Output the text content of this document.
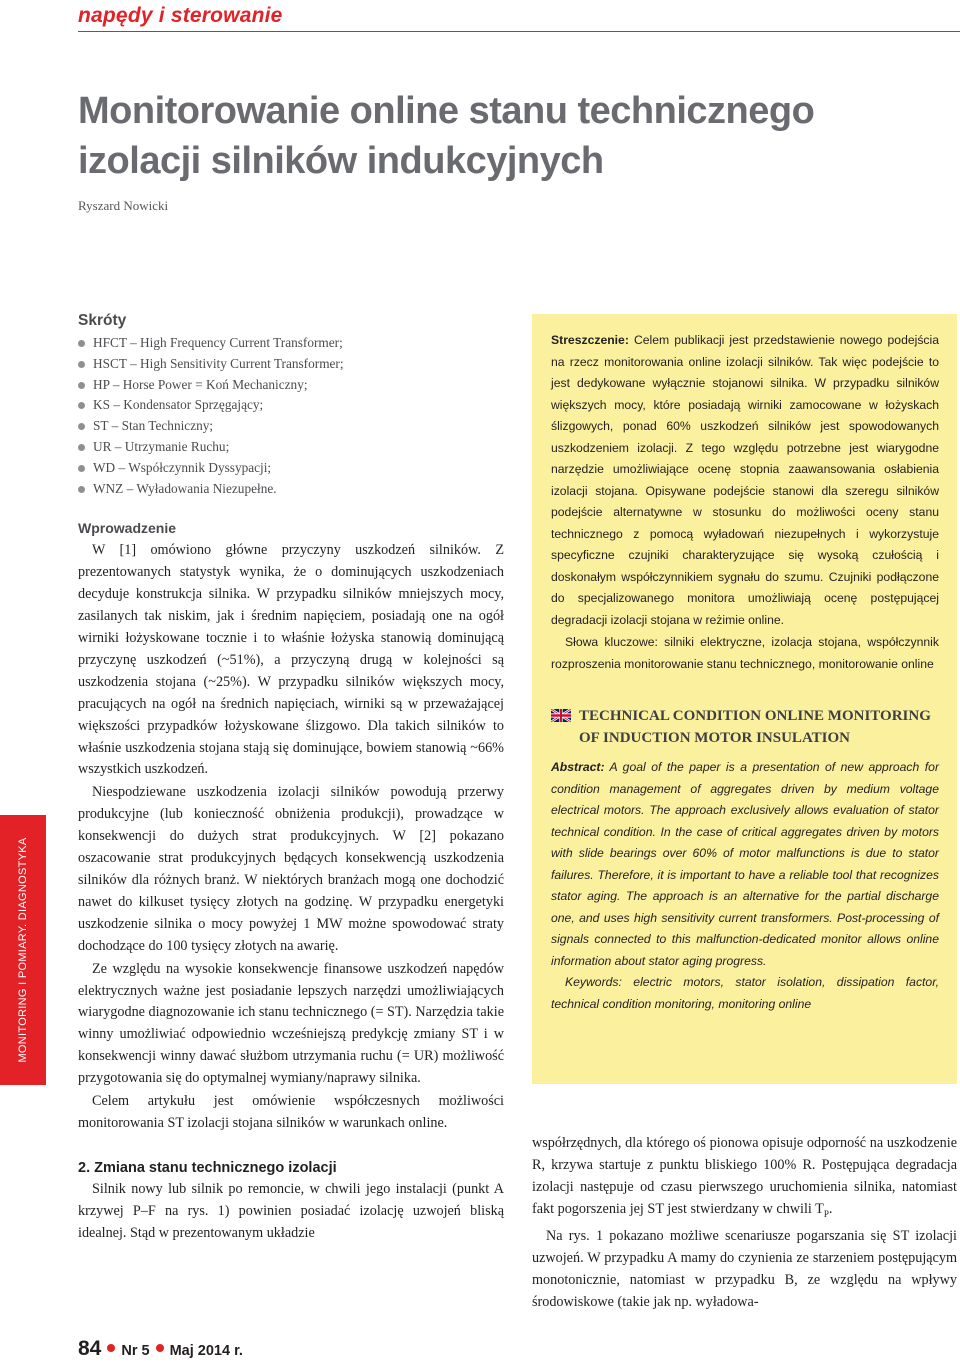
napędy i sterowanie
Monitorowanie online stanu technicznego izolacji silników indukcyjnych
Ryszard Nowicki
MONITORING I POMIARY. DIAGNOSTYKA
Skróty
HFCT – High Frequency Current Transformer;
HSCT – High Sensitivity Current Transformer;
HP – Horse Power = Koń Mechaniczny;
KS – Kondensator Sprzęgający;
ST – Stan Techniczny;
UR – Utrzymanie Ruchu;
WD – Współczynnik Dyssypacji;
WNZ – Wyładowania Niezupełne.
Wprowadzenie

W [1] omówiono główne przyczyny uszkodzeń silników. Z prezentowanych statystyk wynika, że o dominujących uszkodzeniach decyduje konstrukcja silnika. W przypadku silników mniejszych mocy, zasilanych tak niskim, jak i średnim napięciem, posiadają one na ogół wirniki łożyskowane tocznie i to właśnie łożyska stanowią dominującą przyczynę uszkodzeń (~51%), a przyczyną drugą w kolejności są uszkodzenia stojana (~25%). W przypadku silników większych mocy, pracujących na ogół na średnich napięciach, wirniki są w przeważającej większości przypadków łożyskowane ślizgowo. Dla takich silników to właśnie uszkodzenia stojana stają się dominujące, bowiem stanowią ~66% wszystkich uszkodzeń.

Niespodziewane uszkodzenia izolacji silników powodują przerwy produkcyjne (lub konieczność obniżenia produkcji), prowadzące w konsekwencji do dużych strat produkcyjnych. W [2] pokazano oszacowanie strat produkcyjnych będących konsekwencją uszkodzenia silników dla różnych branż. W niektórych branżach mogą one dochodzić nawet do kilkuset tysięcy złotych na godzinę. W przypadku energetyki uszkodzenie silnika o mocy powyżej 1 MW możne spowodować straty dochodzące do 100 tysięcy złotych na awarię.

Ze względu na wysokie konsekwencje finansowe uszkodzeń napędów elektrycznych ważne jest posiadanie lepszych narzędzi umożliwiających wiarygodne diagnozowanie ich stanu technicznego (= ST). Narzędzia takie winny umożliwiać odpowiednio wcześniejszą predykcję zmiany ST i w konsekwencji winny dawać służbom utrzymania ruchu (= UR) możliwość przygotowania się do optymalnej wymiany/naprawy silnika.

Celem artykułu jest omówienie współczesnych możliwości monitorowania ST izolacji stojana silników w warunkach online.

2. Zmiana stanu technicznego izolacji

Silnik nowy lub silnik po remoncie, w chwili jego instalacji (punkt A krzywej P–F na rys. 1) powinien posiadać izolację uzwojeń bliską idealnej. Stąd w prezentowanym układzie

Streszczenie: Celem publikacji jest przedstawienie nowego podejścia na rzecz monitorowania online izolacji silników. Tak więc podejście to jest dedykowane wyłącznie stojanowi silnika. W przypadku silników większych mocy, które posiadają wirniki zamocowane w łożyskach ślizgowych, ponad 60% uszkodzeń silników jest spowodowanych uszkodzeniem izolacji. Z tego względu potrzebne jest wiarygodne narzędzie umożliwiające ocenę stopnia zaawansowania osłabienia izolacji stojana. Opisywane podejście stanowi dla szeregu silników podejście alternatywne w stosunku do możliwości oceny stanu technicznego z pomocą wyładowań niezupełnych i wykorzystuje specyficzne czujniki charakteryzujące się wysoką czułością i doskonałym współczynnikiem sygnału do szumu. Czujniki podłączone do specjalizowanego monitora umożliwiają ocenę postępującej degradacji izolacji stojana w reżimie online.

Słowa kluczowe: silniki elektryczne, izolacja stojana, współczynnik rozproszenia monitorowanie stanu technicznego, monitorowanie online

TECHNICAL CONDITION ONLINE MONITORING OF INDUCTION MOTOR INSULATION

Abstract: A goal of the paper is a presentation of new approach for condition management of aggregates driven by medium voltage electrical motors. The approach exclusively allows evaluation of stator technical condition. In the case of critical aggregates driven by motors with slide bearings over 60% of motor malfunctions is due to stator failures. Therefore, it is important to have a reliable tool that recognizes stator aging. The approach is an alternative for the partial discharge one, and uses high sensitivity current transformers. Post-processing of signals connected to this malfunction-dedicated monitor allows online information about stator aging progress.

Keywords: electric motors, stator isolation, dissipation factor, technical condition monitoring, monitoring online

współrzędnych, dla którego oś pionowa opisuje odporność na uszkodzenie R, krzywa startuje z punktu bliskiego 100% R. Postępująca degradacja izolacji następuje od czasu pierwszego uruchomienia silnika, natomiast fakt pogorszenia jej ST jest stwierdzany w chwili $T_P$.

Na rys. 1 pokazano możliwe scenariusze pogarszania się ST izolacji uzwojeń. W przypadku A mamy do czynienia ze starzeniem postępującym monotonicznie, natomiast w przypadku B, ze względu na wpływy środowiskowe (takie jak np. wyładowa-

84 Nr 5 Maj 2014 r.
